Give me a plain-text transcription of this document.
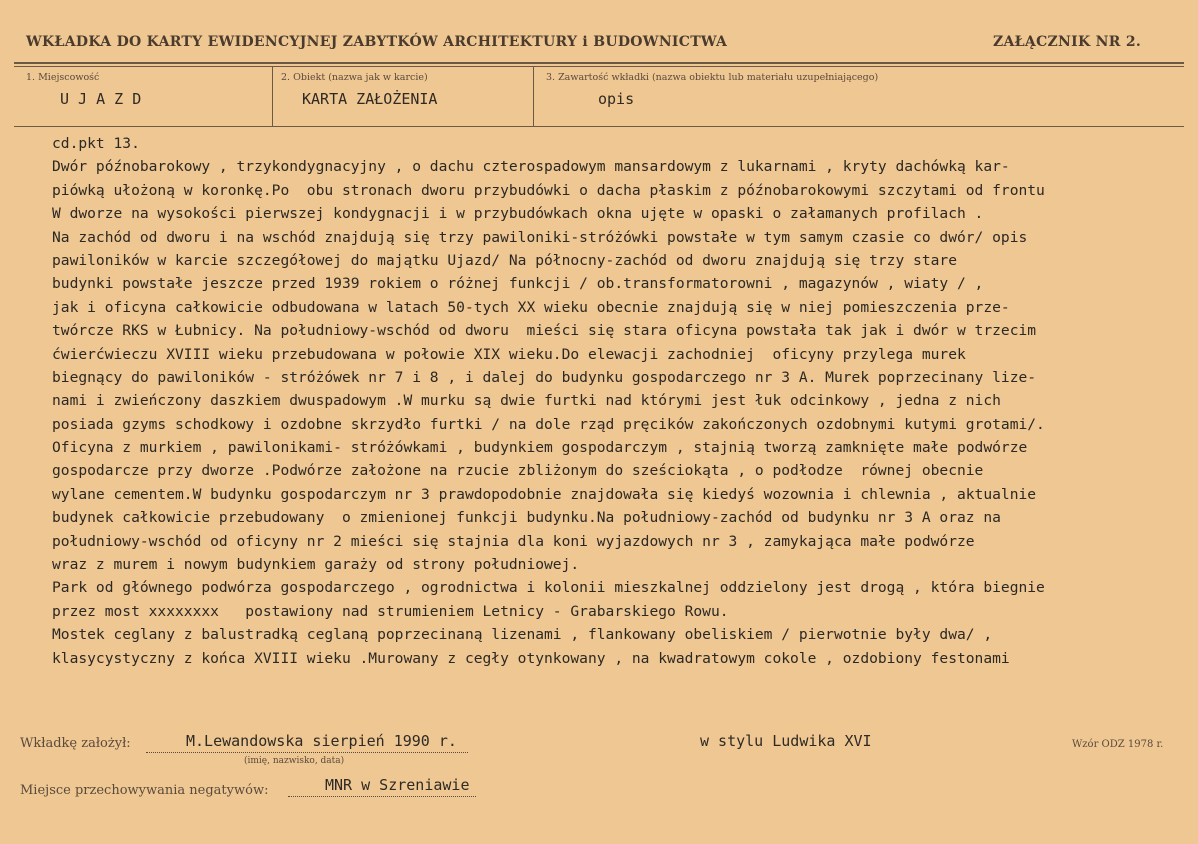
WKŁADKA DO KARTY EWIDENCYJNEJ ZABYTKÓW ARCHITEKTURY i BUDOWNICTWA	ZAŁĄCZNIK NR 2.
1. Miejscowość
U J A Z D
2. Obiekt (nazwa jak w karcie)
KARTA ZAŁOŻENIA
3. Zawartość wkładki (nazwa obiektu lub materiału uzupełniającego)
opis
cd.pkt 13.
Dwór późnobarokowy , trzykondygnacyjny , o dachu czterospadowym mansardowym z lukarnami , kryty dachówką kar-
piówką ułożoną w koronkę.Po  obu stronach dworu przybudówki o dacha płaskim z późnobarokowymi szczytami od frontu
W dworze na wysokości pierwszej kondygnacji i w przybudówkach okna ujęte w opaski o załamanych profilach .
Na zachód od dworu i na wschód znajdują się trzy pawiloniki-stróżówki powstałe w tym samym czasie co dwór/ opis
pawiloników w karcie szczegółowej do majątku Ujazd/ Na północny-zachód od dworu znajdują się trzy stare
budynki powstałe jeszcze przed 1939 rokiem o różnej funkcji / ob.transformatorowni , magazynów , wiaty / ,
jak i oficyna całkowicie odbudowana w latach 50-tych XX wieku obecnie znajdują się w niej pomieszczenia prze-
twórcze RKS w Łubnicy. Na południowy-wschód od dworu  mieści się stara oficyna powstała tak jak i dwór w trzecim
ćwierćwieczu XVIII wieku przebudowana w połowie XIX wieku.Do elewacji zachodniej  oficyny przylega murek
biegnący do pawiloników - stróżówek nr 7 i 8 , i dalej do budynku gospodarczego nr 3 A. Murek poprzecinany lize-
nami i zwieńczony daszkiem dwuspadowym .W murku są dwie furtki nad którymi jest łuk odcinkowy , jedna z nich
posiada gzyms schodkowy i ozdobne skrzydło furtki / na dole rząd pręcików zakończonych ozdobnymi kutymi grotami/.
Oficyna z murkiem , pawilonikami- stróżówkami , budynkiem gospodarczym , stajnią tworzą zamknięte małe podwórze
gospodarcze przy dworze .Podwórze założone na rzucie zbliżonym do sześciokąta , o podłodze  równej obecnie
wylane cementem.W budynku gospodarczym nr 3 prawdopodobnie znajdowała się kiedyś wozownia i chlewnia , aktualnie
budynek całkowicie przebudowany  o zmienionej funkcji budynku.Na południowy-zachód od budynku nr 3 A oraz na
południowy-wschód od oficyny nr 2 mieści się stajnia dla koni wyjazdowych nr 3 , zamykająca małe podwórze
wraz z murem i nowym budynkiem garaży od strony południowej.
Park od głównego podwórza gospodarczego , ogrodnictwa i kolonii mieszkalnej oddzielony jest drogą , która biegnie
przez most xxxxxxxx   postawiony nad strumieniem Letnicy - Grabarskiego Rowu.
Mostek ceglany z balustradką ceglaną poprzecinaną lizenami , flankowany obeliskiem / pierwotnie były dwa/ ,
klasycystyczny z końca XVIII wieku .Murowany z cegły otynkowany , na kwadratowym cokole , ozdobiony festonami
Wkładkę założył:	M.Lewandowska sierpień 1990 r.
(imię, nazwisko, data)
w stylu Ludwika XVI	Wzór ODZ 1978 r.
Miejsce przechowywania negatywów:	MNR w Szreniawie
